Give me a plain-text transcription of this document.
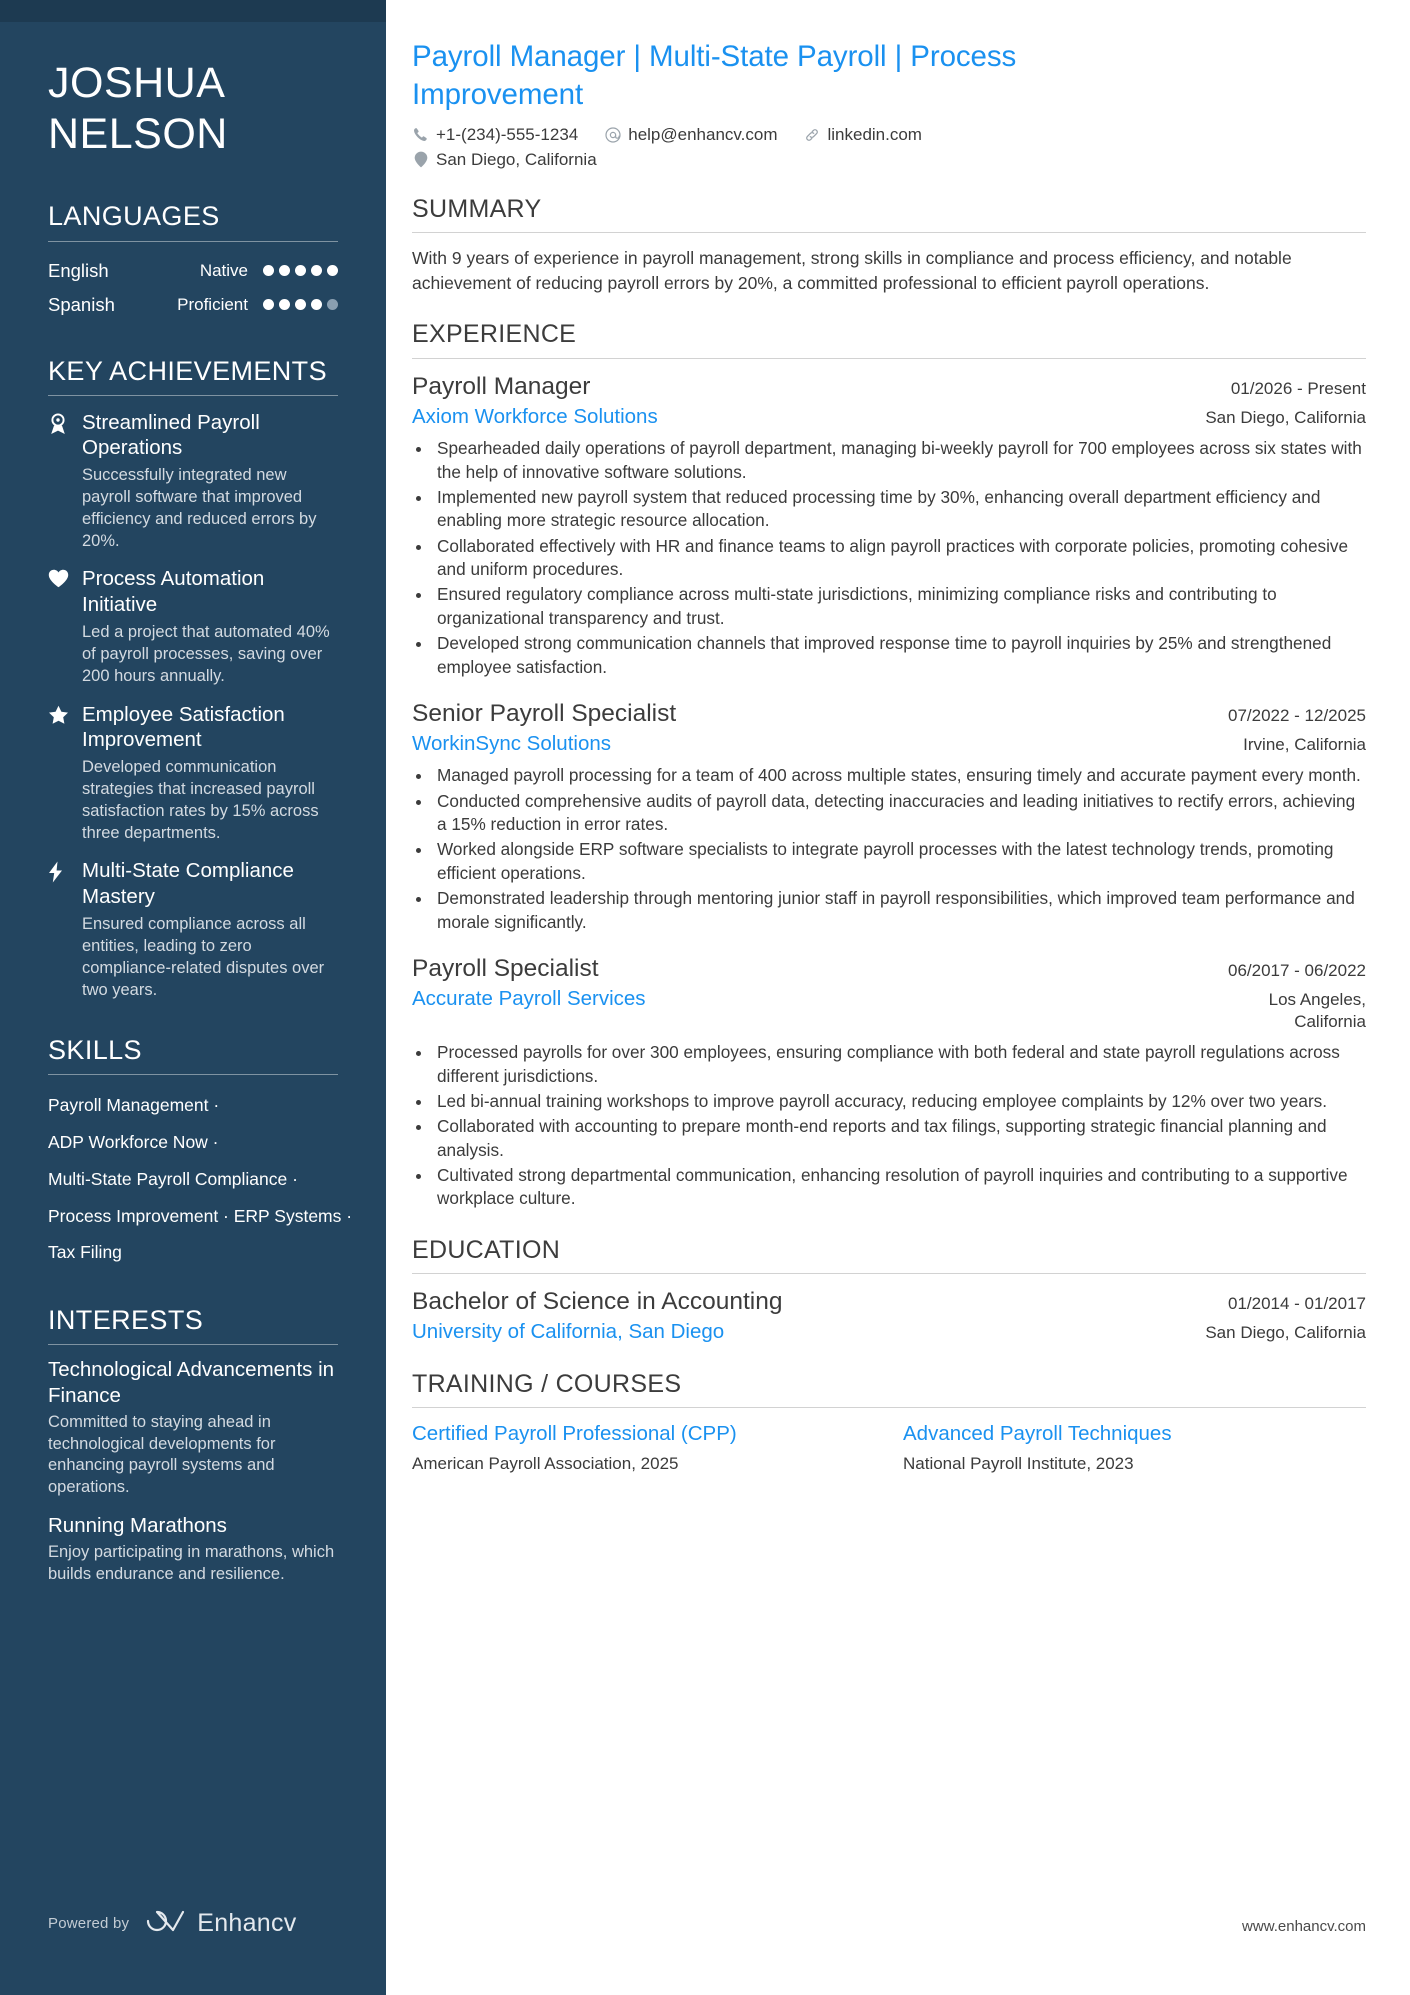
JOSHUA
NELSON
LANGUAGES
English	Native
Spanish	Proficient
KEY ACHIEVEMENTS
Streamlined Payroll Operations
Successfully integrated new payroll software that improved efficiency and reduced errors by 20%.
Process Automation Initiative
Led a project that automated 40% of payroll processes, saving over 200 hours annually.
Employee Satisfaction Improvement
Developed communication strategies that increased payroll satisfaction rates by 15% across three departments.
Multi-State Compliance Mastery
Ensured compliance across all entities, leading to zero compliance-related disputes over two years.
SKILLS
Payroll Management ·
ADP Workforce Now ·
Multi-State Payroll Compliance ·
Process Improvement · ERP Systems ·
Tax Filing
INTERESTS
Technological Advancements in Finance
Committed to staying ahead in technological developments for enhancing payroll systems and operations.
Running Marathons
Enjoy participating in marathons, which builds endurance and resilience.
Powered by	Enhancv
Payroll Manager | Multi-State Payroll | Process Improvement
+1-(234)-555-1234	help@enhancv.com	linkedin.com
San Diego, California
SUMMARY

With 9 years of experience in payroll management, strong skills in compliance and process efficiency, and notable achievement of reducing payroll errors by 20%, a committed professional to efficient payroll operations.

EXPERIENCE
Payroll Manager	01/2026 - Present
Axiom Workforce Solutions	San Diego, California
• Spearheaded daily operations of payroll department, managing bi-weekly payroll for 700 employees across six states with the help of innovative software solutions.
• Implemented new payroll system that reduced processing time by 30%, enhancing overall department efficiency and enabling more strategic resource allocation.
• Collaborated effectively with HR and finance teams to align payroll practices with corporate policies, promoting cohesive and uniform procedures.
• Ensured regulatory compliance across multi-state jurisdictions, minimizing compliance risks and contributing to organizational transparency and trust.
• Developed strong communication channels that improved response time to payroll inquiries by 25% and strengthened employee satisfaction.
Senior Payroll Specialist	07/2022 - 12/2025
WorkinSync Solutions	Irvine, California
• Managed payroll processing for a team of 400 across multiple states, ensuring timely and accurate payment every month.
• Conducted comprehensive audits of payroll data, detecting inaccuracies and leading initiatives to rectify errors, achieving a 15% reduction in error rates.
• Worked alongside ERP software specialists to integrate payroll processes with the latest technology trends, promoting efficient operations.
• Demonstrated leadership through mentoring junior staff in payroll responsibilities, which improved team performance and morale significantly.
Payroll Specialist	06/2017 - 06/2022
Accurate Payroll Services	Los Angeles, California
• Processed payrolls for over 300 employees, ensuring compliance with both federal and state payroll regulations across different jurisdictions.
• Led bi-annual training workshops to improve payroll accuracy, reducing employee complaints by 12% over two years.
• Collaborated with accounting to prepare month-end reports and tax filings, supporting strategic financial planning and analysis.
• Cultivated strong departmental communication, enhancing resolution of payroll inquiries and contributing to a supportive workplace culture.
EDUCATION
Bachelor of Science in Accounting	01/2014 - 01/2017
University of California, San Diego	San Diego, California
TRAINING / COURSES
Certified Payroll Professional (CPP)
American Payroll Association, 2025
Advanced Payroll Techniques
National Payroll Institute, 2023
www.enhancv.com
